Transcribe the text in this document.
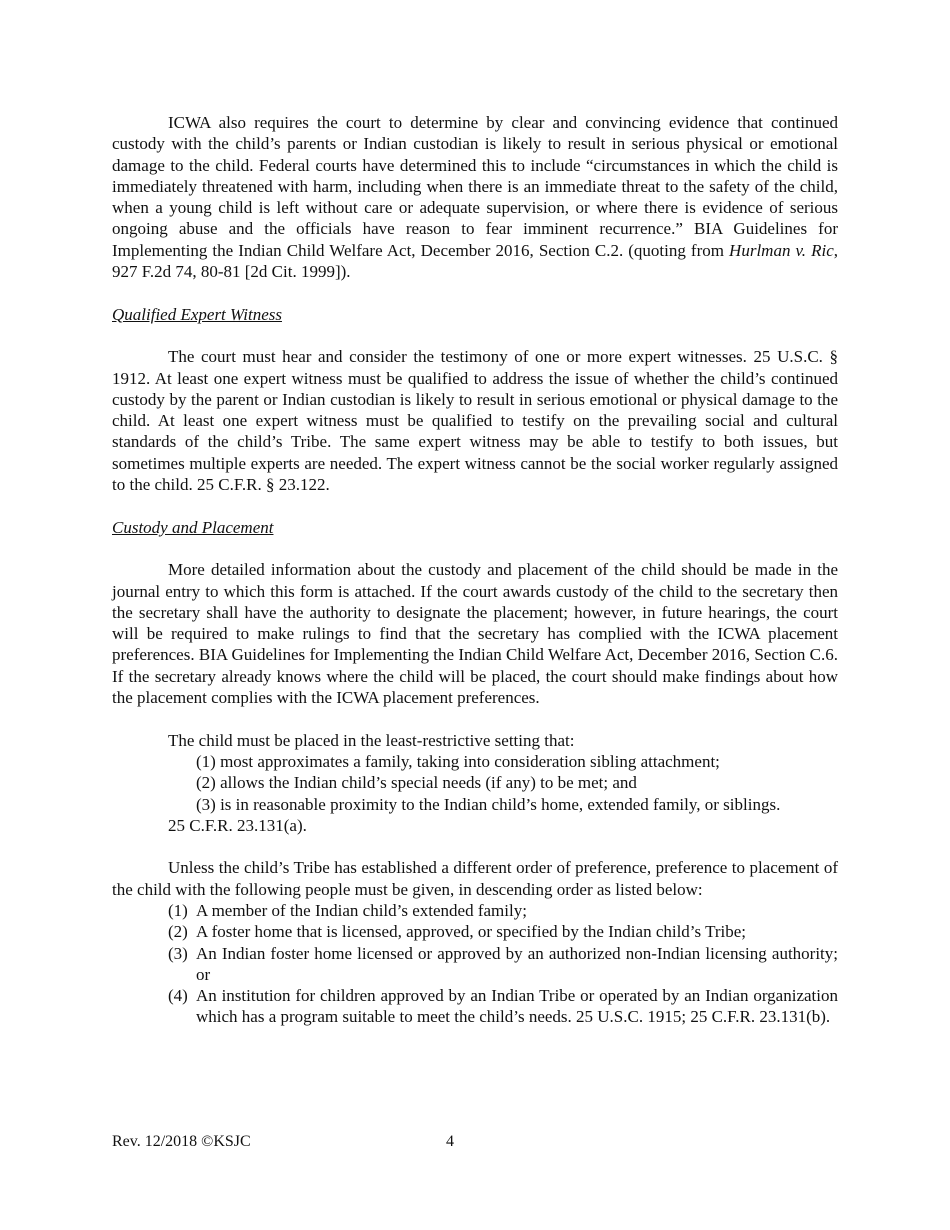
ICWA also requires the court to determine by clear and convincing evidence that continued custody with the child’s parents or Indian custodian is likely to result in serious physical or emotional damage to the child. Federal courts have determined this to include “circumstances in which the child is immediately threatened with harm, including when there is an immediate threat to the safety of the child, when a young child is left without care or adequate supervision, or where there is evidence of serious ongoing abuse and the officials have reason to fear imminent recurrence.” BIA Guidelines for Implementing the Indian Child Welfare Act, December 2016, Section C.2. (quoting from Hurlman v. Ric, 927 F.2d 74, 80-81 [2d Cit. 1999]).

Qualified Expert Witness

The court must hear and consider the testimony of one or more expert witnesses. 25 U.S.C. § 1912. At least one expert witness must be qualified to address the issue of whether the child’s continued custody by the parent or Indian custodian is likely to result in serious emotional or physical damage to the child. At least one expert witness must be qualified to testify on the prevailing social and cultural standards of the child’s Tribe. The same expert witness may be able to testify to both issues, but sometimes multiple experts are needed. The expert witness cannot be the social worker regularly assigned to the child. 25 C.F.R. § 23.122.

Custody and Placement

More detailed information about the custody and placement of the child should be made in the journal entry to which this form is attached. If the court awards custody of the child to the secretary then the secretary shall have the authority to designate the placement; however, in future hearings, the court will be required to make rulings to find that the secretary has complied with the ICWA placement preferences. BIA Guidelines for Implementing the Indian Child Welfare Act, December 2016, Section C.6. If the secretary already knows where the child will be placed, the court should make findings about how the placement complies with the ICWA placement preferences.

The child must be placed in the least-restrictive setting that:
(1) most approximates a family, taking into consideration sibling attachment;
(2) allows the Indian child’s special needs (if any) to be met; and
(3) is in reasonable proximity to the Indian child’s home, extended family, or siblings.
25 C.F.R. 23.131(a).

Unless the child’s Tribe has established a different order of preference, preference to placement of the child with the following people must be given, in descending order as listed below:

(1) A member of the Indian child’s extended family;
(2) A foster home that is licensed, approved, or specified by the Indian child’s Tribe;
(3) An Indian foster home licensed or approved by an authorized non-Indian licensing authority; or
(4) An institution for children approved by an Indian Tribe or operated by an Indian organization which has a program suitable to meet the child’s needs. 25 U.S.C. 1915; 25 C.F.R. 23.131(b).
Rev. 12/2018 ©KSJC	4
